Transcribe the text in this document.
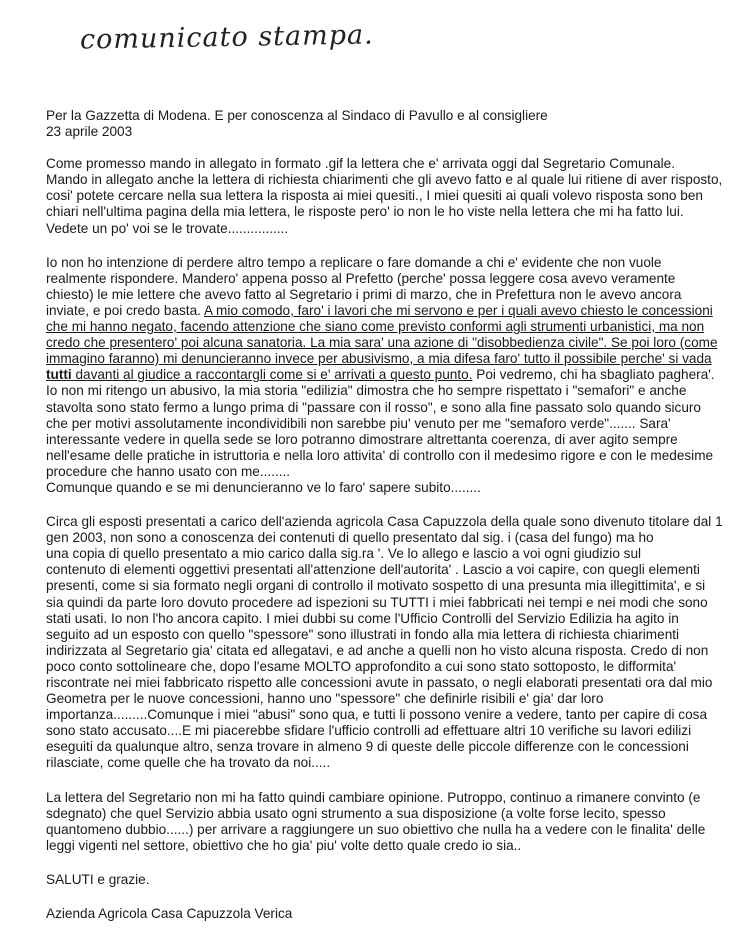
comunicato stampa.
Per la Gazzetta di Modena. E per conoscenza al Sindaco di Pavullo e al consigliere
23 aprile 2003
Come promesso mando in allegato in formato .gif la lettera che e' arrivata oggi dal Segretario Comunale.
Mando in allegato anche la lettera di richiesta chiarimenti che gli avevo fatto e al quale lui ritiene di aver risposto,
cosi' potete cercare nella sua lettera la risposta ai miei quesiti., I miei quesiti ai quali volevo risposta sono ben
chiari nell'ultima pagina della mia lettera, le risposte pero' io non le ho viste nella lettera che mi ha fatto lui.
Vedete un po' voi se le trovate................
Io non ho intenzione di perdere altro tempo a replicare o fare domande a chi e' evidente che non vuole
realmente rispondere. Mandero' appena posso al Prefetto (perche' possa leggere cosa avevo veramente
chiesto) le mie lettere che avevo fatto al Segretario i primi di marzo, che in Prefettura non le avevo ancora
inviate, e poi credo basta. A mio comodo, faro' i lavori che mi servono e per i quali avevo chiesto le concessioni
che mi hanno negato, facendo attenzione che siano come previsto conformi agli strumenti urbanistici, ma non
credo che presentero' poi alcuna sanatoria. La mia sara' una azione di "disobbedienza civile". Se poi loro (come
immagino faranno) mi denuncieranno invece per abusivismo, a mia difesa faro' tutto il possibile perche' si vada
tutti davanti al giudice a raccontargli come si e' arrivati a questo punto. Poi vedremo, chi ha sbagliato paghera'.
Io non mi ritengo un abusivo, la mia storia "edilizia" dimostra che ho sempre rispettato i "semafori" e anche
stavolta sono stato fermo a lungo prima di "passare con il rosso", e sono alla fine passato solo quando sicuro
che per motivi assolutamente incondividibili non sarebbe piu' venuto per me "semaforo verde"....... Sara'
interessante vedere in quella sede se loro potranno dimostrare altrettanta coerenza, di aver agito sempre
nell'esame delle pratiche in istruttoria e nella loro attivita' di controllo con il medesimo rigore e con le medesime
procedure che hanno usato con me........
Comunque quando e se mi denuncieranno ve lo faro' sapere subito........
Circa gli esposti presentati a carico dell'azienda agricola Casa Capuzzola della quale sono divenuto titolare dal 1
gen 2003, non sono a conoscenza dei contenuti di quello presentato dal sig. i (casa del fungo) ma ho
una copia di quello presentato a mio carico dalla sig.ra '. Ve lo allego e lascio a voi ogni giudizio sul
contenuto di elementi oggettivi presentati all'attenzione dell'autorita' . Lascio a voi capire, con quegli elementi
presenti, come si sia formato negli organi di controllo il motivato sospetto di una presunta mia illegittimita', e si
sia quindi da parte loro dovuto procedere ad ispezioni su TUTTI i miei fabbricati nei tempi e nei modi che sono
stati usati. Io non l'ho ancora capito. I miei dubbi su come l'Ufficio Controlli del Servizio Edilizia ha agito in
seguito ad un esposto con quello "spessore" sono illustrati in fondo alla mia lettera di richiesta chiarimenti
indirizzata al Segretario gia' citata ed allegatavi, e ad anche a quelli non ho visto alcuna risposta. Credo di non
poco conto sottolineare che, dopo l'esame MOLTO approfondito a cui sono stato sottoposto, le difformita'
riscontrate nei miei fabbricato rispetto alle concessioni avute in passato, o negli elaborati presentati ora dal mio
Geometra per le nuove concessioni, hanno uno "spessore" che definirle risibili e' gia' dar loro
importanza.........Comunque i miei "abusi" sono qua, e tutti li possono venire a vedere, tanto per capire di cosa
sono stato accusato....E mi piacerebbe sfidare l'ufficio controlli ad effettuare altri 10 verifiche su lavori edilizi
eseguiti da qualunque altro, senza trovare in almeno 9 di queste delle piccole differenze con le concessioni
rilasciate, come quelle che ha trovato da noi.....
La lettera del Segretario non mi ha fatto quindi cambiare opinione. Putroppo, continuo a rimanere convinto (e
sdegnato) che quel Servizio abbia usato ogni strumento a sua disposizione (a volte forse lecito, spesso
quantomeno dubbio......) per arrivare a raggiungere un suo obiettivo che nulla ha a vedere con le finalita' delle
leggi vigenti nel settore, obiettivo che ho gia' piu' volte detto quale credo io sia..
SALUTI e grazie.
Azienda Agricola Casa Capuzzola Verica
